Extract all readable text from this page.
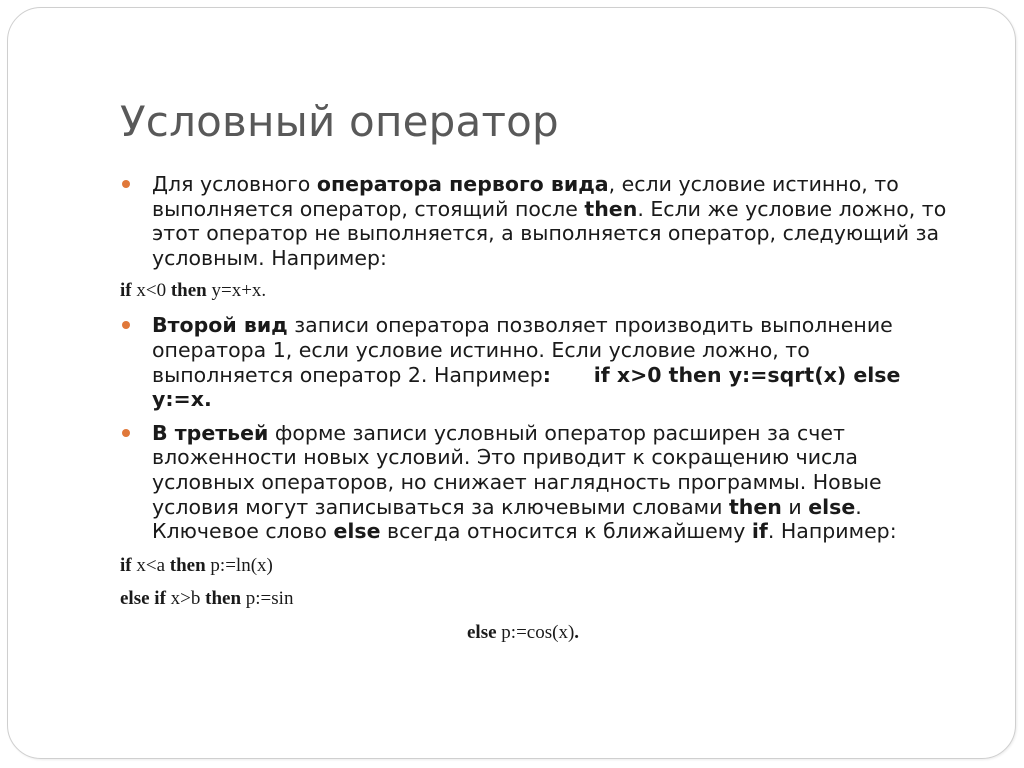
Условный оператор

Для условного оператора первого вида, если условие истинно, то выполняется оператор, стоящий после then. Если же условие ложно, то этот оператор не выполняется, а выполняется оператор, следующий за условным. Например:

if x<0 then y=x+x.

Второй вид записи оператора позволяет производить выполнение оператора 1, если условие истинно. Если условие ложно, то выполняется оператор 2. Например:      if x>0 then y:=sqrt(x) else y:=x.

В третьей форме записи условный оператор расширен за счет вложенности новых условий. Это приводит к сокращению числа условных операторов, но снижает наглядность программы. Новые условия могут записываться за ключевыми словами then и else. Ключевое слово else всегда относится к ближайшему if. Например:

if x<a then p:=ln(x)

else if x>b then p:=sin

else p:=cos(x).
